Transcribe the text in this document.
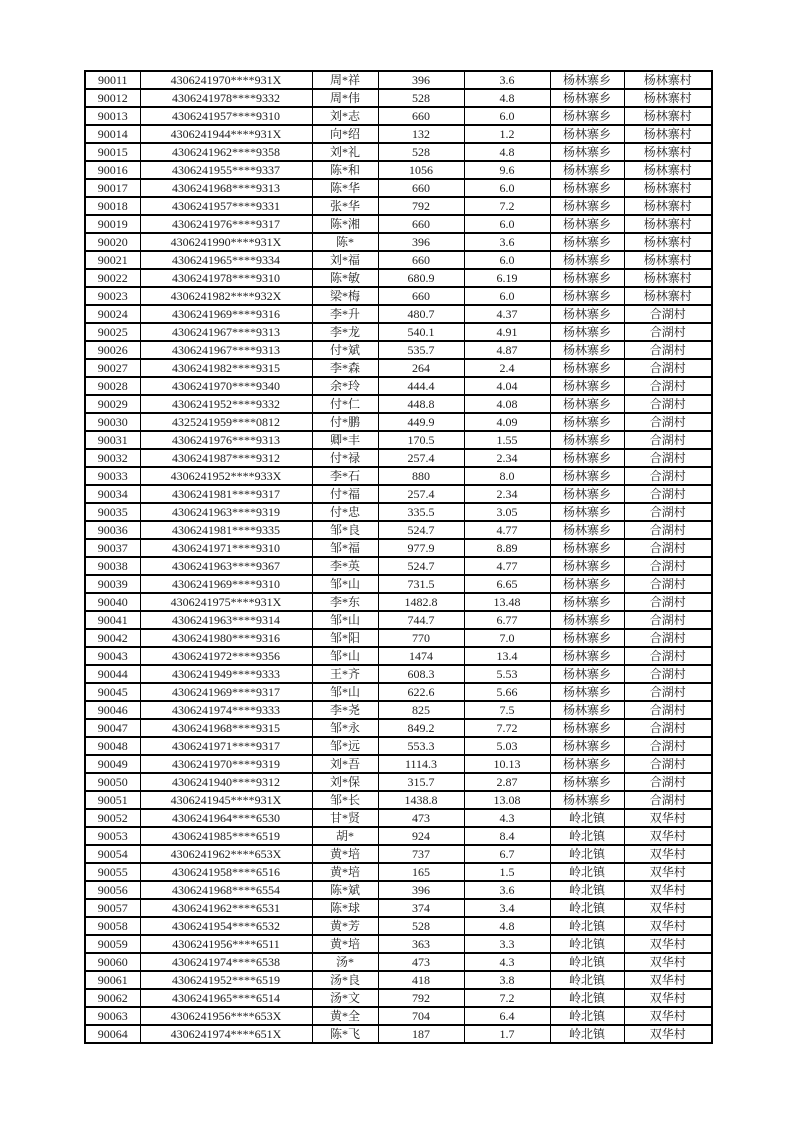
90011	4306241970****931X	周*祥	396	3.6	杨林寨乡	杨林寨村
90012	4306241978****9332	周*伟	528	4.8	杨林寨乡	杨林寨村
90013	4306241957****9310	刘*志	660	6.0	杨林寨乡	杨林寨村
90014	4306241944****931X	向*绍	132	1.2	杨林寨乡	杨林寨村
90015	4306241962****9358	刘*礼	528	4.8	杨林寨乡	杨林寨村
90016	4306241955****9337	陈*和	1056	9.6	杨林寨乡	杨林寨村
90017	4306241968****9313	陈*华	660	6.0	杨林寨乡	杨林寨村
90018	4306241957****9331	张*华	792	7.2	杨林寨乡	杨林寨村
90019	4306241976****9317	陈*湘	660	6.0	杨林寨乡	杨林寨村
90020	4306241990****931X	陈*	396	3.6	杨林寨乡	杨林寨村
90021	4306241965****9334	刘*福	660	6.0	杨林寨乡	杨林寨村
90022	4306241978****9310	陈*敏	680.9	6.19	杨林寨乡	杨林寨村
90023	4306241982****932X	梁*梅	660	6.0	杨林寨乡	杨林寨村
90024	4306241969****9316	李*升	480.7	4.37	杨林寨乡	合湖村
90025	4306241967****9313	李*龙	540.1	4.91	杨林寨乡	合湖村
90026	4306241967****9313	付*斌	535.7	4.87	杨林寨乡	合湖村
90027	4306241982****9315	李*森	264	2.4	杨林寨乡	合湖村
90028	4306241970****9340	余*玲	444.4	4.04	杨林寨乡	合湖村
90029	4306241952****9332	付*仁	448.8	4.08	杨林寨乡	合湖村
90030	4325241959****0812	付*鹏	449.9	4.09	杨林寨乡	合湖村
90031	4306241976****9313	卿*丰	170.5	1.55	杨林寨乡	合湖村
90032	4306241987****9312	付*禄	257.4	2.34	杨林寨乡	合湖村
90033	4306241952****933X	李*石	880	8.0	杨林寨乡	合湖村
90034	4306241981****9317	付*福	257.4	2.34	杨林寨乡	合湖村
90035	4306241963****9319	付*忠	335.5	3.05	杨林寨乡	合湖村
90036	4306241981****9335	邹*良	524.7	4.77	杨林寨乡	合湖村
90037	4306241971****9310	邹*福	977.9	8.89	杨林寨乡	合湖村
90038	4306241963****9367	李*英	524.7	4.77	杨林寨乡	合湖村
90039	4306241969****9310	邹*山	731.5	6.65	杨林寨乡	合湖村
90040	4306241975****931X	李*东	1482.8	13.48	杨林寨乡	合湖村
90041	4306241963****9314	邹*山	744.7	6.77	杨林寨乡	合湖村
90042	4306241980****9316	邹*阳	770	7.0	杨林寨乡	合湖村
90043	4306241972****9356	邹*山	1474	13.4	杨林寨乡	合湖村
90044	4306241949****9333	王*齐	608.3	5.53	杨林寨乡	合湖村
90045	4306241969****9317	邹*山	622.6	5.66	杨林寨乡	合湖村
90046	4306241974****9333	李*尧	825	7.5	杨林寨乡	合湖村
90047	4306241968****9315	邹*永	849.2	7.72	杨林寨乡	合湖村
90048	4306241971****9317	邹*远	553.3	5.03	杨林寨乡	合湖村
90049	4306241970****9319	刘*吾	1114.3	10.13	杨林寨乡	合湖村
90050	4306241940****9312	刘*保	315.7	2.87	杨林寨乡	合湖村
90051	4306241945****931X	邹*长	1438.8	13.08	杨林寨乡	合湖村
90052	4306241964****6530	甘*贤	473	4.3	岭北镇	双华村
90053	4306241985****6519	胡*	924	8.4	岭北镇	双华村
90054	4306241962****653X	黄*培	737	6.7	岭北镇	双华村
90055	4306241958****6516	黄*培	165	1.5	岭北镇	双华村
90056	4306241968****6554	陈*斌	396	3.6	岭北镇	双华村
90057	4306241962****6531	陈*球	374	3.4	岭北镇	双华村
90058	4306241954****6532	黄*芳	528	4.8	岭北镇	双华村
90059	4306241956****6511	黄*培	363	3.3	岭北镇	双华村
90060	4306241974****6538	汤*	473	4.3	岭北镇	双华村
90061	4306241952****6519	汤*良	418	3.8	岭北镇	双华村
90062	4306241965****6514	汤*文	792	7.2	岭北镇	双华村
90063	4306241956****653X	黄*全	704	6.4	岭北镇	双华村
90064	4306241974****651X	陈*飞	187	1.7	岭北镇	双华村
